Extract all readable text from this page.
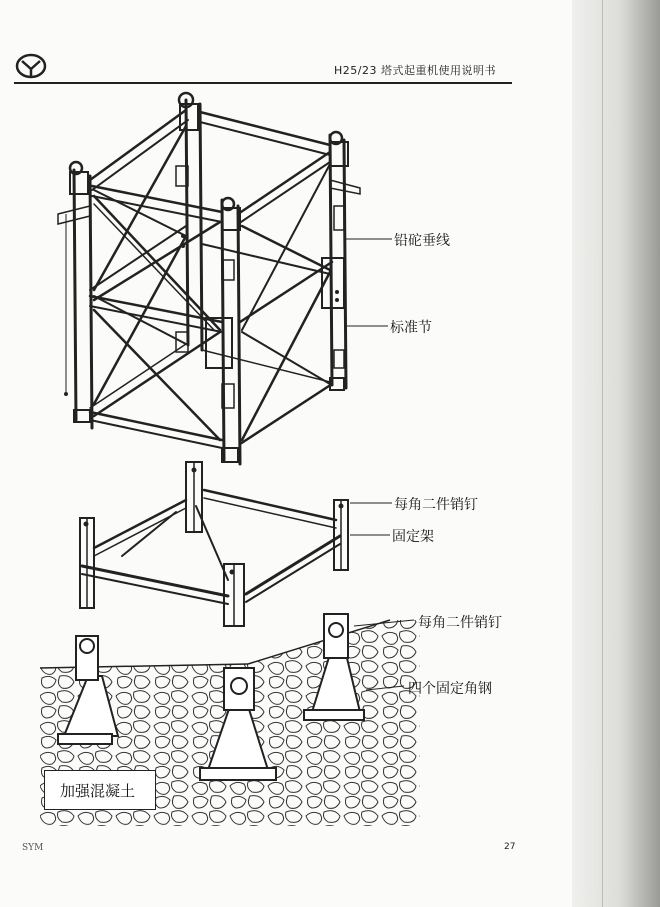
H25/23 塔式起重机使用说明书
铅砣垂线
标准节
每角二件销钉
固定架
每角二件销钉
四个固定角钢
加强混凝土
SYM	27
